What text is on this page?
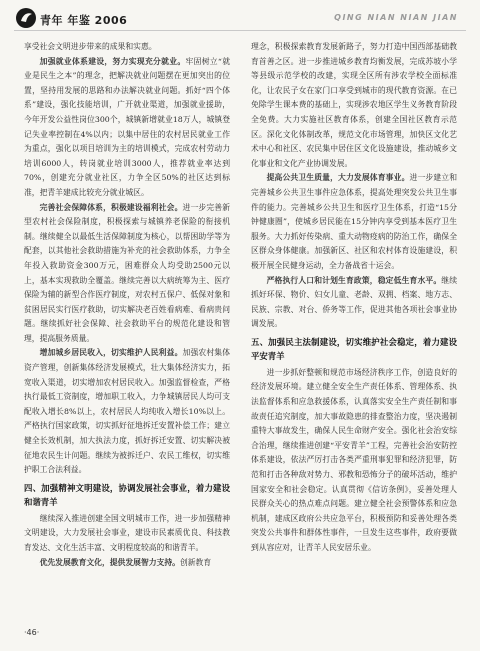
青年 年鉴 2006	QING NIAN NIAN JIAN

享受社会文明进步带来的成果和实惠。

加强就业体系建设，努力实现充分就业。牢固树立“就业是民生之本”的理念，把解决就业问题摆在更加突出的位置，坚持用发展的思路和办法解决就业问题。抓好“四个体系”建设，强化技能培训，广开就业渠道，加强就业援助，今年开发公益性岗位300个，城镇新增就业18万人，城镇登记失业率控制在4%以内；以集中居住的农村居民就业工作为重点，强化以项目培训为主的培训模式，完成农村劳动力培训6000人，转岗就业培训3000人，推荐就业率达到70%，创建充分就业社区，力争全区50%的社区达到标准，把青羊建成比较充分就业城区。

完善社会保障体系，积极建设福利社会。进一步完善新型农村社会保险制度，积极探索与城镇养老保险的衔接机制。继续健全以最低生活保障制度为核心，以帮困助学等为配套，以其他社会救助措施为补充的社会救助体系，力争全年投入救助资金300万元，困难群众人均受助2500元以上，基本实现救助全覆盖。继续完善以大病统筹为主、医疗保险为辅的新型合作医疗制度，对农村五保户、低保对象和贫困居民实行医疗救助，切实解决老百姓看病难、看病贵问题。继续抓好社会保障、社会救助平台的规范化建设和管理，提高服务质量。

增加城乡居民收入，切实维护人民利益。加强农村集体资产管理，创新集体经济发展模式，壮大集体经济实力，拓宽收入渠道，切实增加农村居民收入。加强监督检查，严格执行最低工资制度，增加职工收入，力争城镇居民人均可支配收入增长8%以上，农村居民人均纯收入增长10%以上。严格执行国家政策，切实抓好征地拆迁安置补偿工作；建立健全长效机制，加大执法力度，抓好拆迁安置、切实解决被征地农民生计问题。继续为被拆迁户、农民工维权，切实维护职工合法利益。

四、加强精神文明建设，协调发展社会事业，着力建设和谐青羊

继续深入推进创建全国文明城市工作，进一步加强精神文明建设，大力发展社会事业，建设市民素质优良、科技教育发达、文化生活丰富、文明程度较高的和谐青羊。

优先发展教育文化，提供发展智力支持。创新教育

理念，积极探索教育发展新路子，努力打造中国西部基础教育首善之区。进一步推进城乡教育均衡发展，完成苏坡小学等县级示范学校的改建，实现全区所有涉农学校全面标准化，让农民子女在家门口享受到城市的现代教育资源。在已免除学生课本费的基础上，实现涉农地区学生义务教育阶段全免费。大力实施社区教育体系，创建全国社区教育示范区。深化文化体制改革，规范文化市场管理，加快区文化艺术中心和社区、农民集中居住区文化设施建设，推动城乡文化事业和文化产业协调发展。

提高公共卫生质量，大力发展体育事业。进一步建立和完善城乡公共卫生事件应急体系，提高处理突发公共卫生事件的能力。完善城乡公共卫生和医疗卫生体系，打造“15分钟健康圈”，使城乡居民能在15分钟内享受到基本医疗卫生服务。大力抓好传染病、重大动物疫病的防治工作，确保全区群众身体健康。加强新区、社区和农村体育设施建设，积极开展全民健身运动，全力备战省十运会。

严格执行人口和计划生育政策，稳定低生育水平。继续抓好环保、物价、妇女儿童、老龄、双拥、档案、地方志、民族、宗教、对台、侨务等工作，促进其他各项社会事业协调发展。

五、加强民主法制建设，切实维护社会稳定，着力建设平安青羊

进一步抓好整顿和规范市场经济秩序工作，创造良好的经济发展环境。建立健全安全生产责任体系、管理体系、执法监督体系和应急救援体系，认真落实安全生产责任制和事故责任追究制度，加大事故隐患的排查整治力度，坚决遏制重特大事故发生，确保人民生命财产安全。强化社会治安综合治理，继续推进创建“平安青羊”工程，完善社会治安防控体系建设，依法严厉打击各类严重刑事犯罪和经济犯罪，防范和打击各种敌对势力、邪教和恐怖分子的破坏活动，维护国家安全和社会稳定。认真贯彻《信访条例》，妥善处理人民群众关心的热点难点问题。建立健全社会预警体系和应急机制，建成区政府公共应急平台，积极预防和妥善处理各类突发公共事件和群体性事件，一旦发生这些事件，政府要做到从容应对，让青羊人民安居乐业。

·46·
